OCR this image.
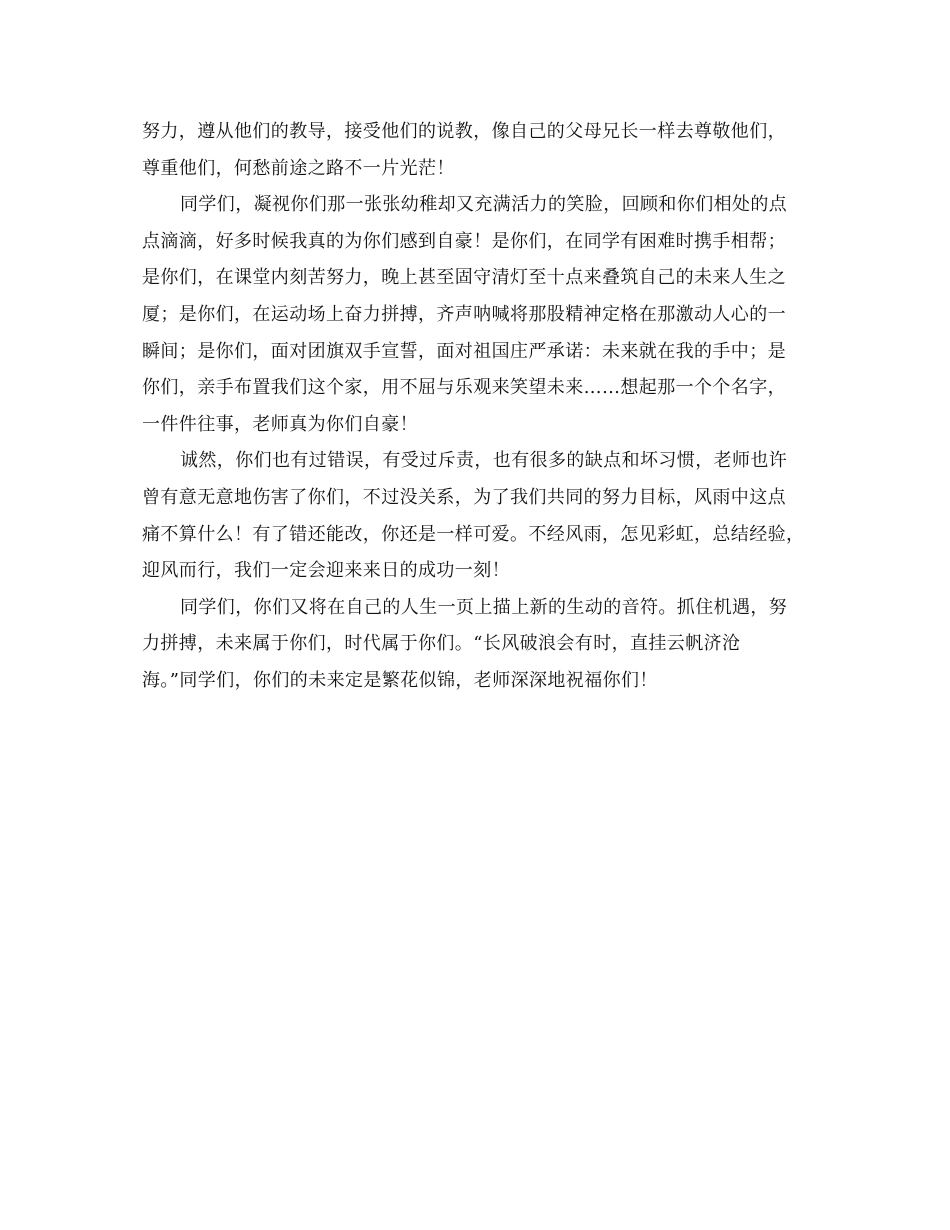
努力，遵从他们的教导，接受他们的说教，像自己的父母兄长一样去尊敬他们，
尊重他们，何愁前途之路不一片光茫！
同学们，凝视你们那一张张幼稚却又充满活力的笑脸，回顾和你们相处的点
点滴滴，好多时候我真的为你们感到自豪！是你们，在同学有困难时携手相帮；
是你们，在课堂内刻苦努力，晚上甚至固守清灯至十点来叠筑自己的未来人生之
厦；是你们，在运动场上奋力拼搏，齐声呐喊将那股精神定格在那激动人心的一
瞬间；是你们，面对团旗双手宣誓，面对祖国庄严承诺：未来就在我的手中；是
你们，亲手布置我们这个家，用不屈与乐观来笑望未来……想起那一个个名字，
一件件往事，老师真为你们自豪！
诚然，你们也有过错误，有受过斥责，也有很多的缺点和坏习惯，老师也许
曾有意无意地伤害了你们，不过没关系，为了我们共同的努力目标，风雨中这点
痛不算什么！有了错还能改，你还是一样可爱。不经风雨，怎见彩虹，总结经验，
迎风而行，我们一定会迎来来日的成功一刻！
同学们，你们又将在自己的人生一页上描上新的生动的音符。抓住机遇，努
力拼搏，未来属于你们，时代属于你们。“长风破浪会有时，直挂云帆济沧
海。”同学们，你们的未来定是繁花似锦，老师深深地祝福你们！
